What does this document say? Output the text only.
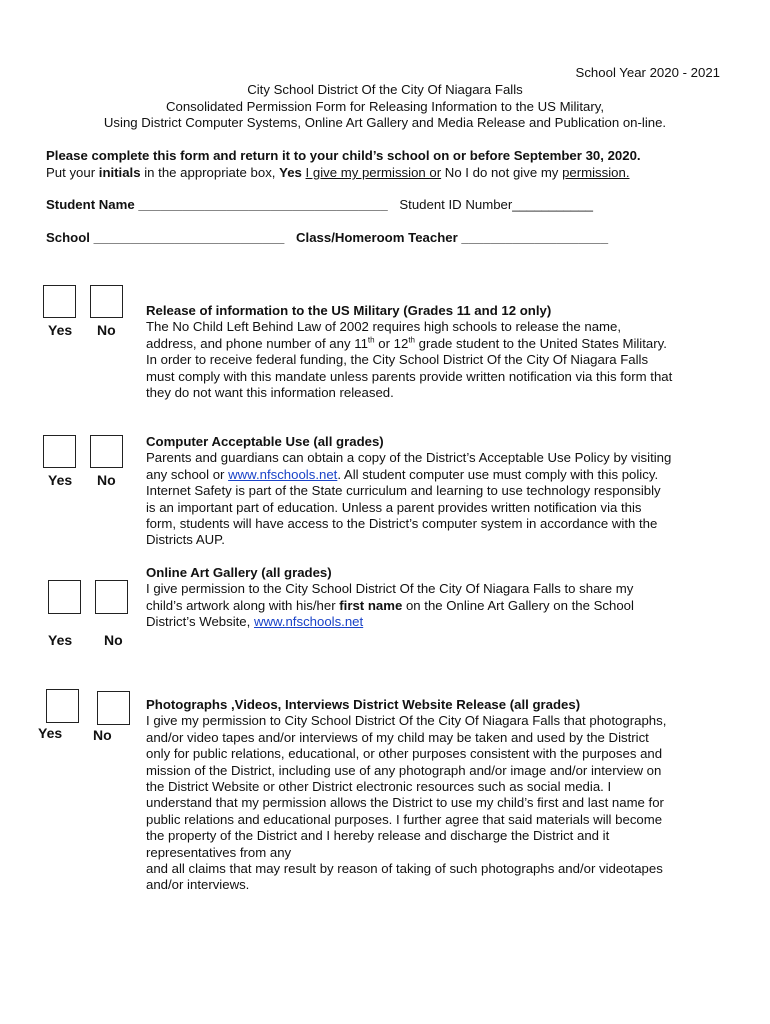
School Year 2020 - 2021
City School District Of the City Of Niagara Falls
Consolidated Permission Form for Releasing Information to the US Military,
Using District Computer Systems, Online Art Gallery and Media Release and Publication on-line.
Please complete this form and return it to your child’s school on or before September 30, 2020.
Put your initials in the appropriate box, Yes I give my permission or No I do not give my permission.
Student Name __________________________________ Student ID Number___________
School __________________________ Class/Homeroom Teacher ____________________
Yes No
Release of information to the US Military (Grades 11 and 12 only)
The No Child Left Behind Law of 2002 requires high schools to release the name,
address, and phone number of any 11th or 12th grade student to the United States Military.
In order to receive federal funding, the City School District Of the City Of Niagara Falls
must comply with this mandate unless parents provide written notification via this form that
they do not want this information released.
Yes No
Computer Acceptable Use (all grades)
Parents and guardians can obtain a copy of the District’s Acceptable Use Policy by visiting
any school or www.nfschools.net. All student computer use must comply with this policy.
Internet Safety is part of the State curriculum and learning to use technology responsibly
is an important part of education. Unless a parent provides written notification via this
form, students will have access to the District’s computer system in accordance with the
Districts AUP.
Yes No
Online Art Gallery (all grades)
I give permission to the City School District Of the City Of Niagara Falls to share my
child’s artwork along with his/her first name on the Online Art Gallery on the School
District’s Website, www.nfschools.net
Yes No
Photographs ,Videos, Interviews District Website Release (all grades)
I give my permission to City School District Of the City Of Niagara Falls that photographs,
and/or video tapes and/or interviews of my child may be taken and used by the District
only for public relations, educational, or other purposes consistent with the purposes and
mission of the District, including use of any photograph and/or image and/or interview on
the District Website or other District electronic resources such as social media. I
understand that my permission allows the District to use my child’s first and last name for
public relations and educational purposes. I further agree that said materials will become
the property of the District and I hereby release and discharge the District and it
representatives from any
and all claims that may result by reason of taking of such photographs and/or videotapes
and/or interviews.
